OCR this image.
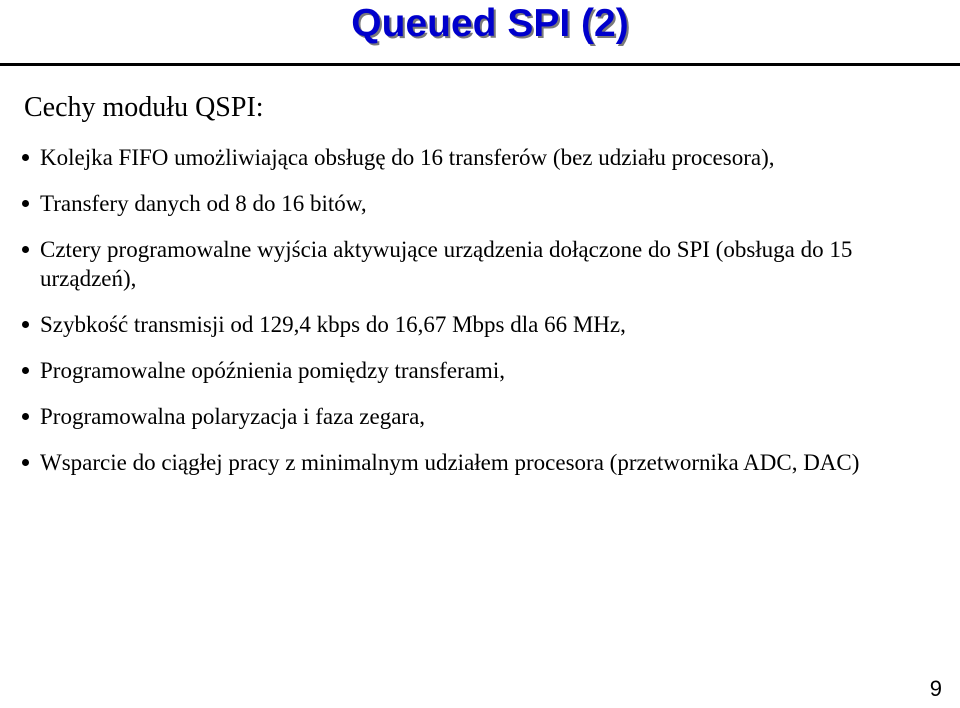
Queued SPI (2)
Cechy modułu QSPI:
Kolejka FIFO umożliwiająca obsługę do 16 transferów (bez udziału procesora),
Transfery danych od 8 do 16 bitów,
Cztery programowalne wyjścia aktywujące urządzenia dołączone do SPI (obsługa do 15 urządzeń),
Szybkość transmisji od 129,4 kbps do 16,67 Mbps dla 66 MHz,
Programowalne opóźnienia pomiędzy transferami,
Programowalna polaryzacja i faza zegara,
Wsparcie do ciągłej pracy z minimalnym udziałem procesora (przetwornika ADC, DAC)
9
